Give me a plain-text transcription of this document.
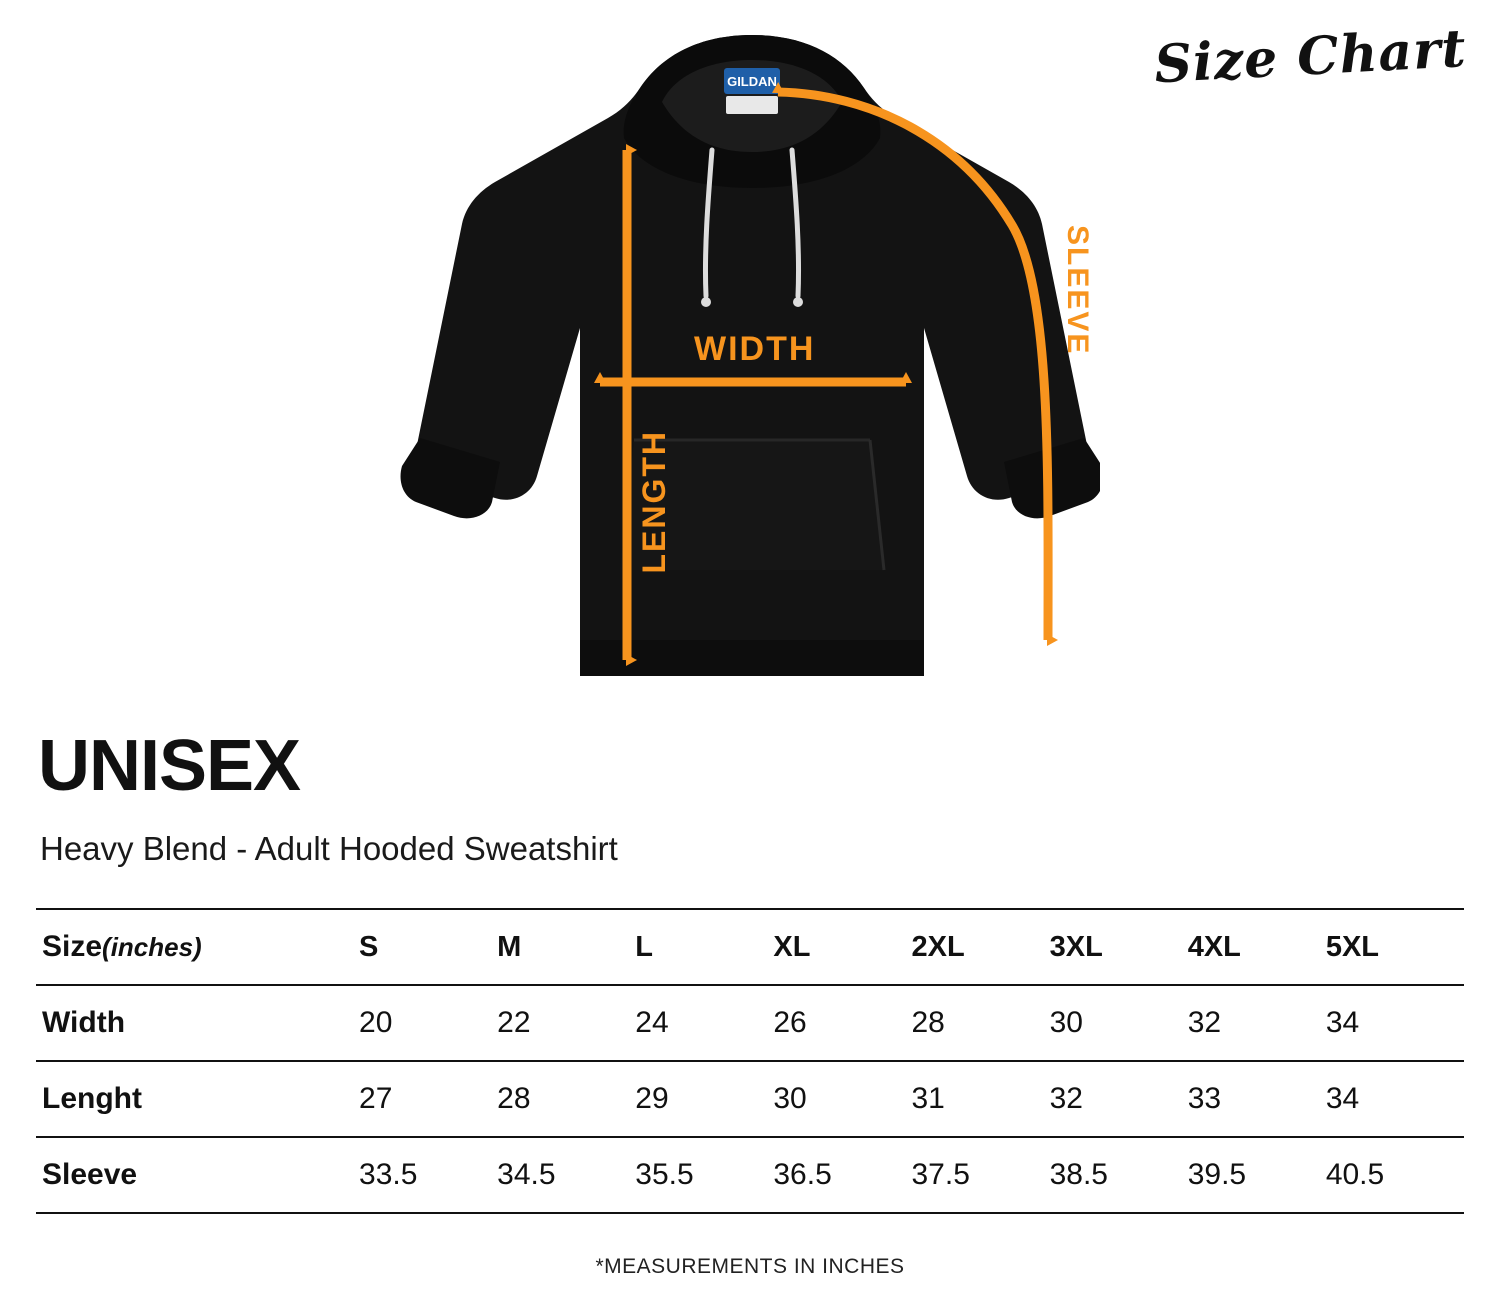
Size Chart
GILDAN
WIDTH
LENGTH
SLEEVE
UNISEX
Heavy Blend - Adult Hooded Sweatshirt
Size(inches)	S	M	L	XL	2XL	3XL	4XL	5XL
Width	20	22	24	26	28	30	32	34
Lenght	27	28	29	30	31	32	33	34
Sleeve	33.5	34.5	35.5	36.5	37.5	38.5	39.5	40.5
*MEASUREMENTS IN INCHES
